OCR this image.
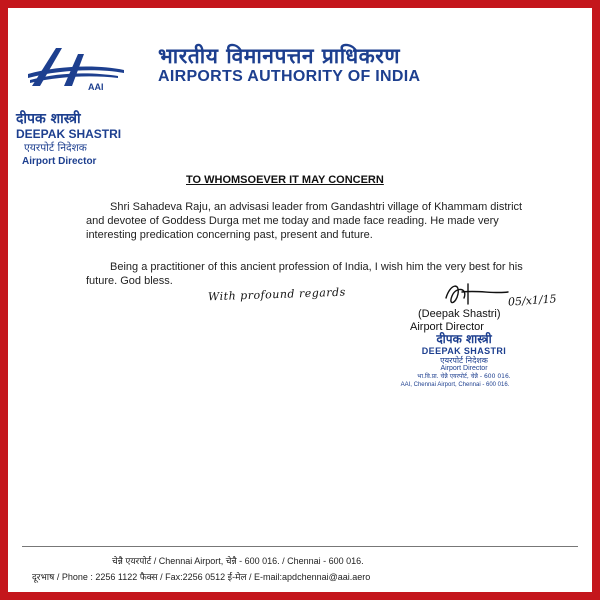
AAI
भारतीय विमानपत्तन प्राधिकरण
AIRPORTS AUTHORITY OF INDIA
दीपक शास्त्री
DEEPAK SHASTRI
एयरपोर्ट निदेशक
Airport Director
TO WHOMSOEVER IT MAY CONCERN
Shri Sahadeva Raju, an advisasi leader from Gandashtri village of Khammam district and devotee of Goddess Durga met me today and made face reading. He made very interesting predication concerning past, present and future.
Being a practitioner of this ancient profession of India, I wish him the very best for his future. God bless.
With profound regards	05/x1/15
(Deepak Shastri)
Airport Director
दीपक शास्त्री
DEEPAK SHASTRI
एयरपोर्ट निदेशक
Airport Director
भा.वि.प्रा. चेन्नै एयरपोर्ट, चेन्नै - 600 016.
AAI, Chennai Airport, Chennai - 600 016.
चेन्नै एयरपोर्ट / Chennai Airport, चेन्नै - 600 016. / Chennai - 600 016.
दूरभाष / Phone : 2256 1122 फैक्स / Fax:2256 0512 ई-मेल / E-mail:apdchennai@aai.aero
